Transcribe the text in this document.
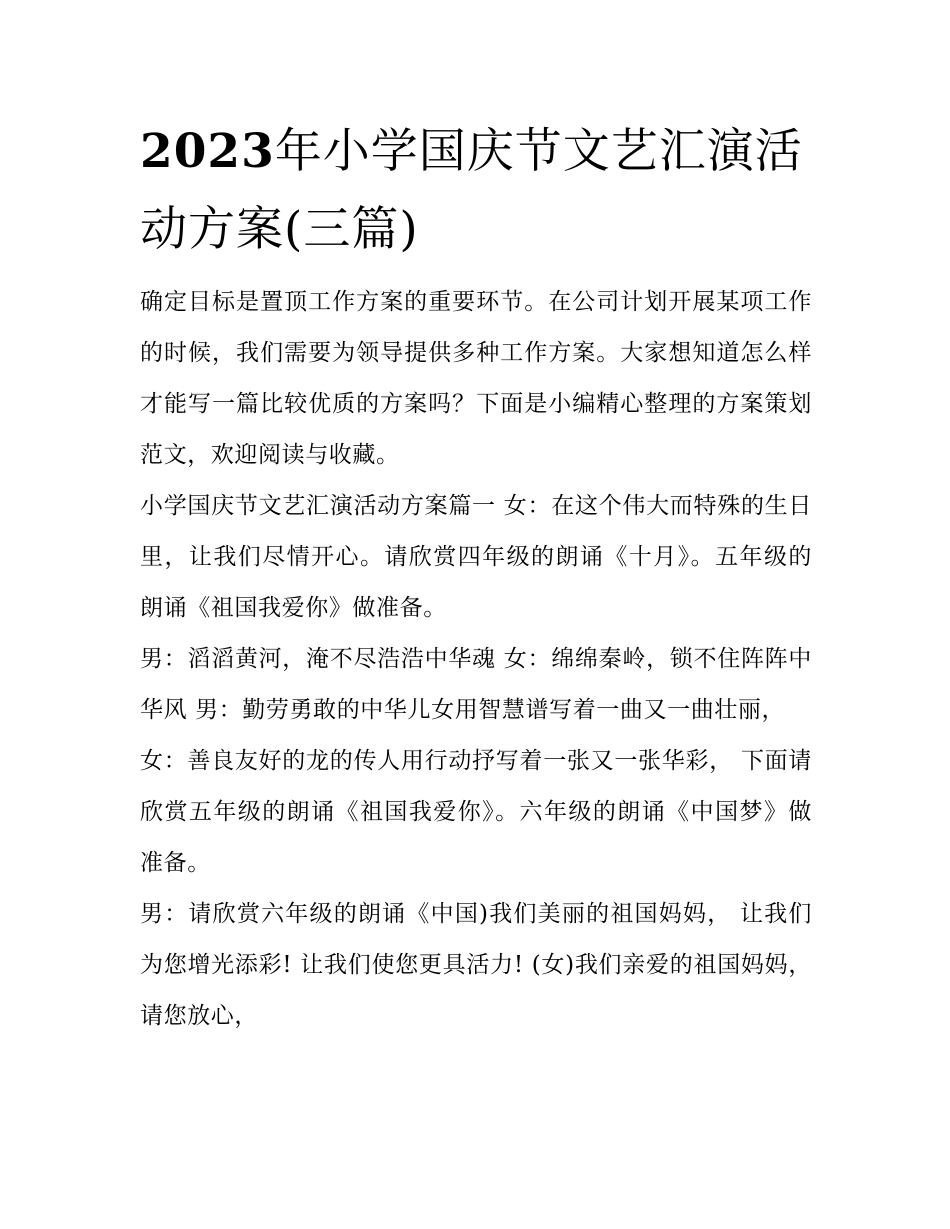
2023年小学国庆节文艺汇演活动方案(三篇)

确定目标是置顶工作方案的重要环节。在公司计划开展某项工作的时候，我们需要为领导提供多种工作方案。大家想知道怎么样才能写一篇比较优质的方案吗？下面是小编精心整理的方案策划范文，欢迎阅读与收藏。

小学国庆节文艺汇演活动方案篇一 女：在这个伟大而特殊的生日里，让我们尽情开心。请欣赏四年级的朗诵《十月》。五年级的朗诵《祖国我爱你》做准备。

男：滔滔黄河，淹不尽浩浩中华魂 女：绵绵秦岭，锁不住阵阵中华风 男：勤劳勇敢的中华儿女用智慧谱写着一曲又一曲壮丽，

女：善良友好的龙的传人用行动抒写着一张又一张华彩， 下面请欣赏五年级的朗诵《祖国我爱你》。六年级的朗诵《中国梦》做准备。

男：请欣赏六年级的朗诵《中国)我们美丽的祖国妈妈， 让我们为您增光添彩! 让我们使您更具活力! (女)我们亲爱的祖国妈妈，请您放心，
